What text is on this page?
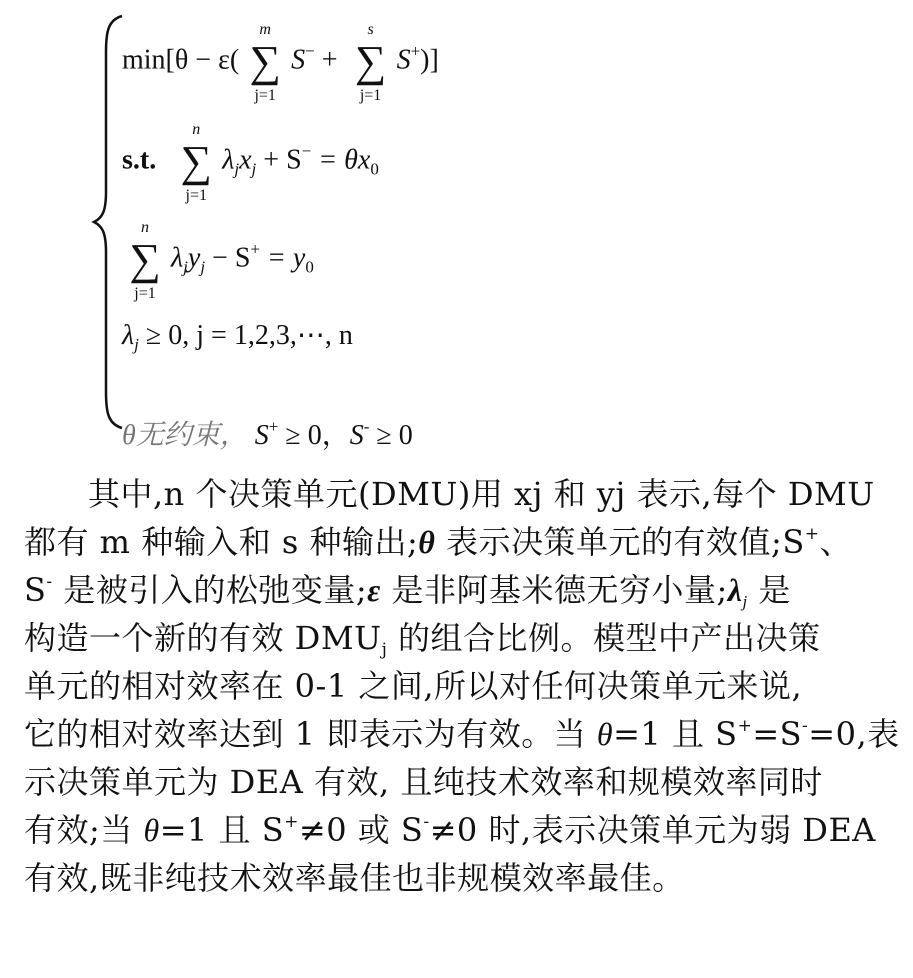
min[θ − ε(
m
∑
j=1
S− +
s
∑
j=1
S+)]
s.t.
n
∑
j=1
$\lambda_jx_j + S^- = \theta x_0$
n
∑
j=1
$\lambda_jy_j - S^+ = y_0$
$\lambda_j \ge 0$, j = 1,2,3,⋯, n
θ无约束， S+ ≥ 0，S- ≥ 0
其中,n 个决策单元(DMU)用 xj 和 yj 表示,每个 DMU
都有 m 种输入和 s 种输出;θ 表示决策单元的有效值;S+、
S- 是被引入的松弛变量;ε 是非阿基米德无穷小量$;\lambda_j$ 是
构造一个新的有效 $DMU_j$ 的组合比例。模型中产出决策
单元的相对效率在 0-1 之间,所以对任何决策单元来说,
它的相对效率达到 1 即表示为有效。当 θ=1 且 S+=S-=0,表
示决策单元为 DEA 有效, 且纯技术效率和规模效率同时
有效;当 θ=1 且 S+≠0 或 S-≠0 时,表示决策单元为弱 DEA
有效,既非纯技术效率最佳也非规模效率最佳。
